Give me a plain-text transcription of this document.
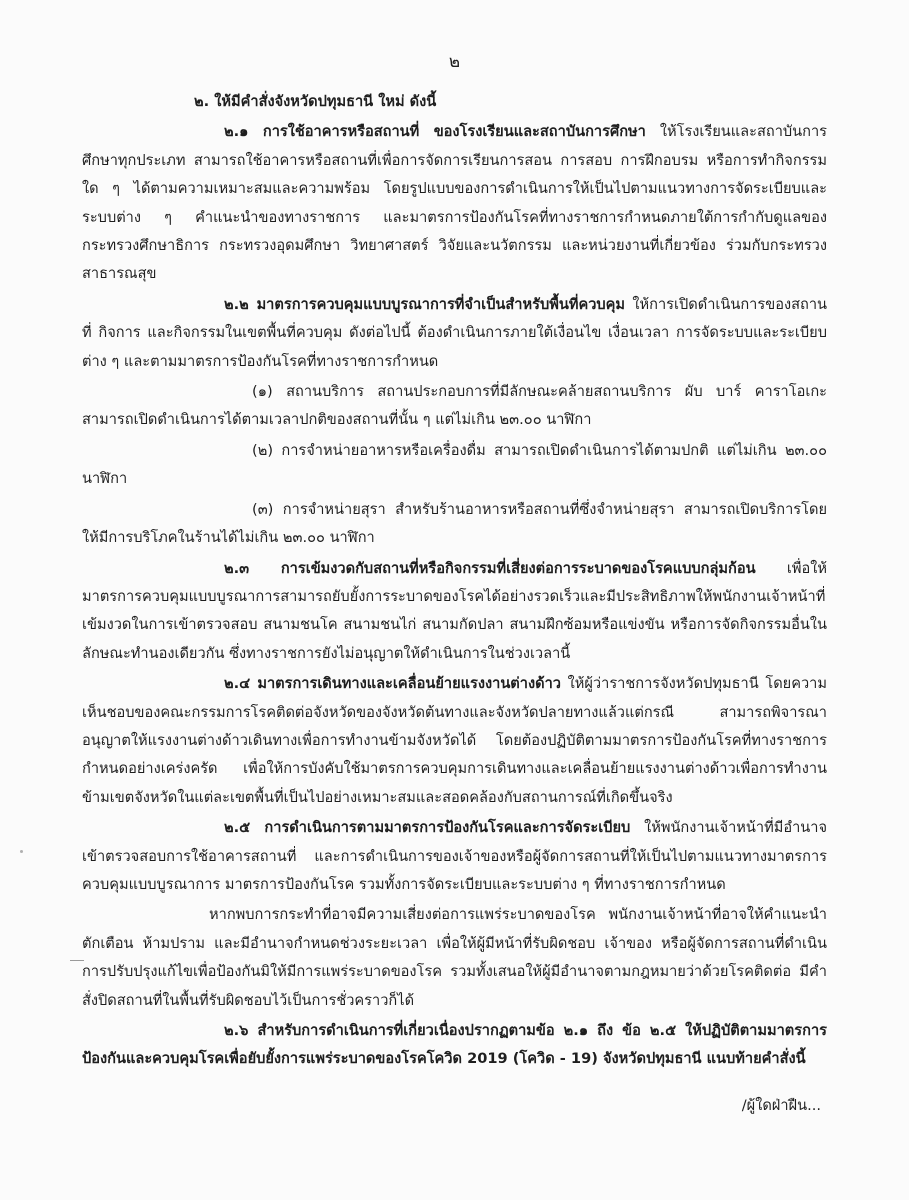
๒
๒. ให้มีคำสั่งจังหวัดปทุมธานี ใหม่ ดังนี้

๒.๑ การใช้อาคารหรือสถานที่ ของโรงเรียนและสถาบันการศึกษา ให้โรงเรียนและสถาบันการศึกษาทุกประเภท สามารถใช้อาคารหรือสถานที่เพื่อการจัดการเรียนการสอน การสอบ การฝึกอบรม หรือการทำกิจกรรมใด ๆ ได้ตามความเหมาะสมและความพร้อม โดยรูปแบบของการดำเนินการให้เป็นไปตามแนวทางการจัดระเบียบและระบบต่าง ๆ คำแนะนำของทางราชการ และมาตรการป้องกันโรคที่ทางราชการกำหนดภายใต้การกำกับดูแลของกระทรวงศึกษาธิการ กระทรวงอุดมศึกษา วิทยาศาสตร์ วิจัยและนวัตกรรม และหน่วยงานที่เกี่ยวข้อง ร่วมกับกระทรวงสาธารณสุข

๒.๒ มาตรการควบคุมแบบบูรณาการที่จำเป็นสำหรับพื้นที่ควบคุม ให้การเปิดดำเนินการของสถานที่ กิจการ และกิจกรรมในเขตพื้นที่ควบคุม ดังต่อไปนี้ ต้องดำเนินการภายใต้เงื่อนไข เงื่อนเวลา การจัดระบบและระเบียบต่าง ๆ และตามมาตรการป้องกันโรคที่ทางราชการกำหนด

(๑) สถานบริการ สถานประกอบการที่มีลักษณะคล้ายสถานบริการ ผับ บาร์ คาราโอเกะ สามารถเปิดดำเนินการได้ตามเวลาปกติของสถานที่นั้น ๆ แต่ไม่เกิน ๒๓.๐๐ นาฬิกา

(๒) การจำหน่ายอาหารหรือเครื่องดื่ม สามารถเปิดดำเนินการได้ตามปกติ แต่ไม่เกิน ๒๓.๐๐ นาฬิกา

(๓) การจำหน่ายสุรา สำหรับร้านอาหารหรือสถานที่ซึ่งจำหน่ายสุรา สามารถเปิดบริการโดยให้มีการบริโภคในร้านได้ไม่เกิน ๒๓.๐๐ นาฬิกา

๒.๓ การเข้มงวดกับสถานที่หรือกิจกรรมที่เสี่ยงต่อการระบาดของโรคแบบกลุ่มก้อน เพื่อให้มาตรการควบคุมแบบบูรณาการสามารถยับยั้งการระบาดของโรคได้อย่างรวดเร็วและมีประสิทธิภาพให้พนักงานเจ้าหน้าที่เข้มงวดในการเข้าตรวจสอบ สนามชนโค สนามชนไก่ สนามกัดปลา สนามฝึกซ้อมหรือแข่งขัน หรือการจัดกิจกรรมอื่นในลักษณะทำนองเดียวกัน ซึ่งทางราชการยังไม่อนุญาตให้ดำเนินการในช่วงเวลานี้

๒.๔ มาตรการเดินทางและเคลื่อนย้ายแรงงานต่างด้าว ให้ผู้ว่าราชการจังหวัดปทุมธานี โดยความเห็นชอบของคณะกรรมการโรคติดต่อจังหวัดของจังหวัดต้นทางและจังหวัดปลายทางแล้วแต่กรณี สามารถพิจารณาอนุญาตให้แรงงานต่างด้าวเดินทางเพื่อการทำงานข้ามจังหวัดได้ โดยต้องปฏิบัติตามมาตรการป้องกันโรคที่ทางราชการกำหนดอย่างเคร่งครัด เพื่อให้การบังคับใช้มาตรการควบคุมการเดินทางและเคลื่อนย้ายแรงงานต่างด้าวเพื่อการทำงานข้ามเขตจังหวัดในแต่ละเขตพื้นที่เป็นไปอย่างเหมาะสมและสอดคล้องกับสถานการณ์ที่เกิดขึ้นจริง

๒.๕ การดำเนินการตามมาตรการป้องกันโรคและการจัดระเบียบ ให้พนักงานเจ้าหน้าที่มีอำนาจเข้าตรวจสอบการใช้อาคารสถานที่ และการดำเนินการของเจ้าของหรือผู้จัดการสถานที่ให้เป็นไปตามแนวทางมาตรการควบคุมแบบบูรณาการ มาตรการป้องกันโรค รวมทั้งการจัดระเบียบและระบบต่าง ๆ ที่ทางราชการกำหนด

หากพบการกระทำที่อาจมีความเสี่ยงต่อการแพร่ระบาดของโรค พนักงานเจ้าหน้าที่อาจให้คำแนะนำ ตักเตือน ห้ามปราม และมีอำนาจกำหนดช่วงระยะเวลา เพื่อให้ผู้มีหน้าที่รับผิดชอบ เจ้าของ หรือผู้จัดการสถานที่ดำเนินการปรับปรุงแก้ไขเพื่อป้องกันมิให้มีการแพร่ระบาดของโรค รวมทั้งเสนอให้ผู้มีอำนาจตามกฎหมายว่าด้วยโรคติดต่อ มีคำสั่งปิดสถานที่ในพื้นที่รับผิดชอบไว้เป็นการชั่วคราวก็ได้

๒.๖ สำหรับการดำเนินการที่เกี่ยวเนื่องปรากฏตามข้อ ๒.๑ ถึง ข้อ ๒.๕ ให้ปฏิบัติตามมาตรการป้องกันและควบคุมโรคเพื่อยับยั้งการแพร่ระบาดของโรคโควิด 2019 (โควิด - 19) จังหวัดปทุมธานี แนบท้ายคำสั่งนี้

/ผู้ใดฝ่าฝืน...
